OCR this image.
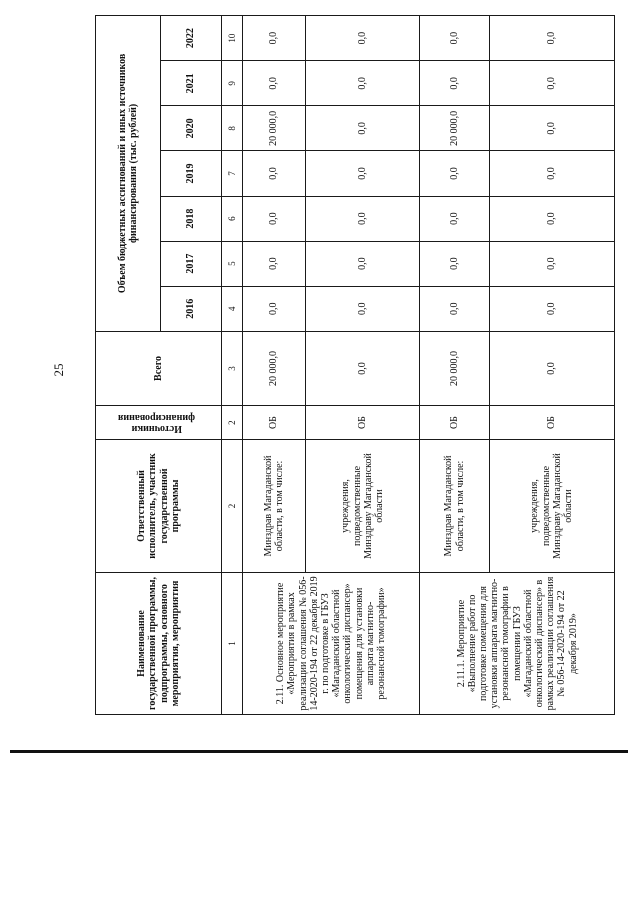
25
Наименование государственной программы, подпрограммы, основного мероприятия, мероприятия	Ответственный исполнитель, участник государственной программы	Источники финансирования	Всего	Объем бюджетных ассигнований и иных источников финансирования (тыс. рублей)						
				2016	2017	2018	2019	2020	2021	2022
1	2	2	3	4	5	6	7	8	9	10
2.11. Основное мероприятие «Мероприятия в рамках реализации соглашения № 056-14-2020-194 от 22 декабря 2019 г. по подготовке в ГБУЗ «Магаданский областной онкологический диспансер» помещения для установки аппарата магнитно-резонансной томографии»	Минздрав Магаданской области, в том числе:	ОБ	20 000,0	0,0	0,0	0,0	0,0	20 000,0	0,0	0,0
	учреждения, подведомственные Минздраву Магаданской области	ОБ	0,0	0,0	0,0	0,0	0,0	0,0	0,0	0,0
2.11.1. Мероприятие «Выполнение работ по подготовке помещения для установки аппарата магнитно-резонансной томографии в помещении ГБУЗ «Магаданский областной онкологический диспансер» в рамках реализации соглашения № 056-14-2020-194 от 22 декабря 2019»	Минздрав Магаданской области, в том числе:	ОБ	20 000,0	0,0	0,0	0,0	0,0	20 000,0	0,0	0,0
	учреждения, подведомственные Минздраву Магаданской области	ОБ	0,0	0,0	0,0	0,0	0,0	0,0	0,0	0,0
